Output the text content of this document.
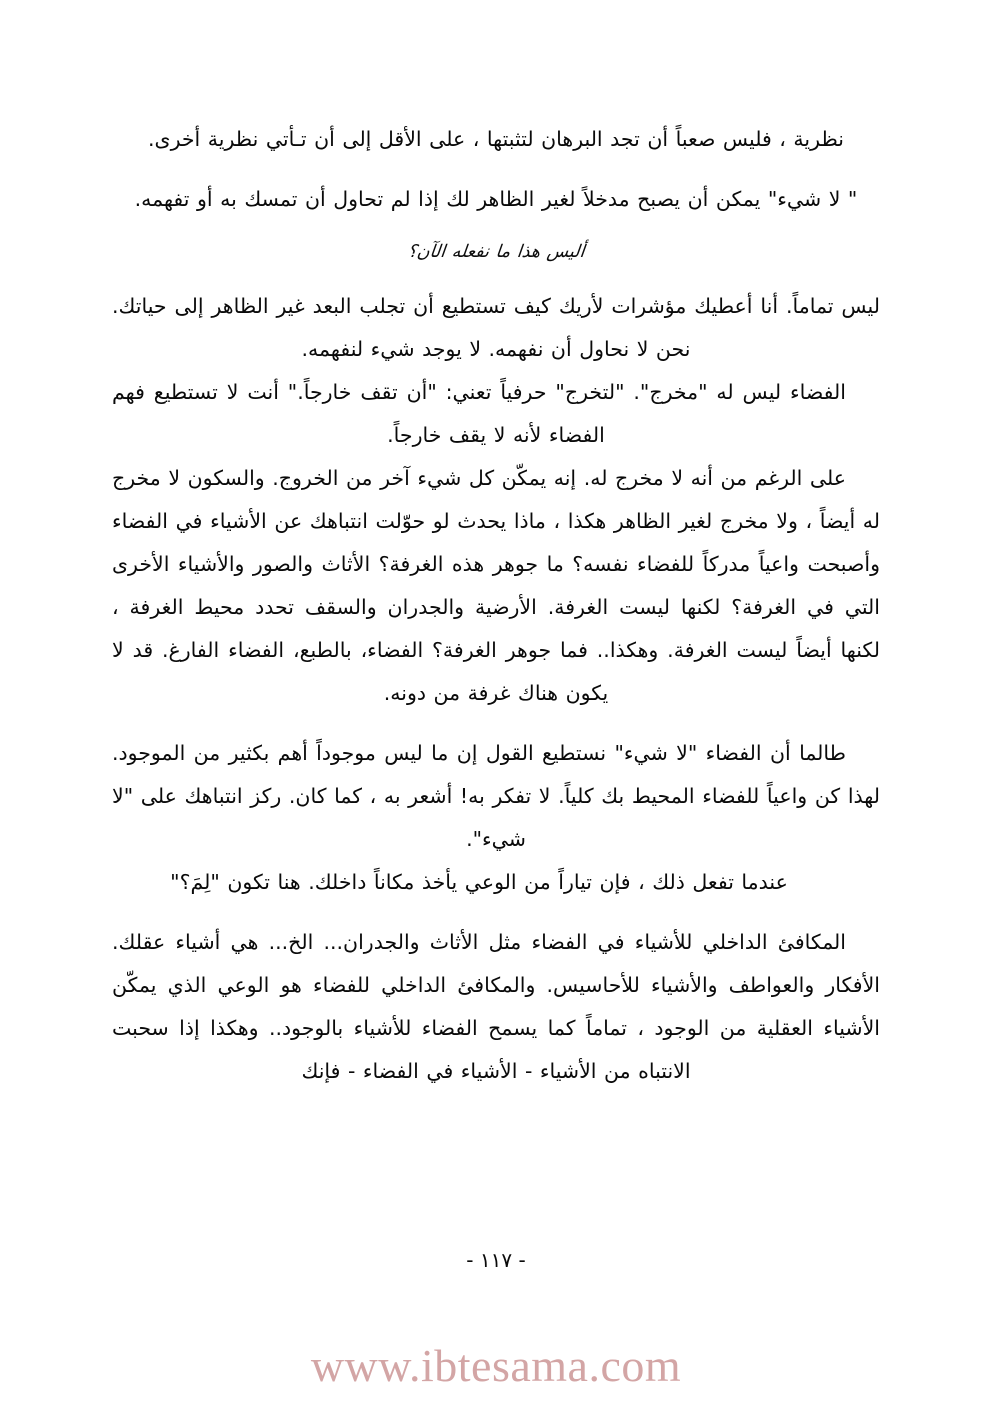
نظرية ، فليس صعباً أن تجد البرهان لتثبتها ، على الأقل إلى أن تـأتي نظرية أخرى.

" لا شيء" يمكن أن يصبح مدخلاً لغير الظاهر لك إذا لم تحاول أن تمسك به أو تفهمه.

أليس هذا ما نفعله الآن؟

ليس تماماً. أنا أعطيك مؤشرات لأريك كيف تستطيع أن تجلب البعد غير الظاهر إلى حياتك. نحن لا نحاول أن نفهمه. لا يوجد شيء لنفهمه.

الفضاء ليس له "مخرج". "لتخرج" حرفياً تعني: "أن تقف خارجاً." أنت لا تستطيع فهم الفضاء لأنه لا يقف خارجاً.

على الرغم من أنه لا مخرج له. إنه يمكّن كل شيء آخر من الخروج. والسكون لا مخرج له أيضاً ، ولا مخرج لغير الظاهر هكذا ، ماذا يحدث لو حوّلت انتباهك عن الأشياء في الفضاء وأصبحت واعياً مدركاً للفضاء نفسه؟ ما جوهر هذه الغرفة؟ الأثاث والصور والأشياء الأخرى التي في الغرفة؟ لكنها ليست الغرفة. الأرضية والجدران والسقف تحدد محيط الغرفة ، لكنها أيضاً ليست الغرفة. وهكذا.. فما جوهر الغرفة؟ الفضاء، بالطبع، الفضاء الفارغ. قد لا يكون هناك غرفة من دونه.

طالما أن الفضاء "لا شيء" نستطيع القول إن ما ليس موجوداً أهم بكثير من الموجود. لهذا كن واعياً للفضاء المحيط بك كلياً. لا تفكر به! أشعر به ، كما كان. ركز انتباهك على "لا شيء".

عندما تفعل ذلك ، فإن تياراً من الوعي يأخذ مكاناً داخلك. هنا تكون "لِمَ؟"

المكافئ الداخلي للأشياء في الفضاء مثل الأثاث والجدران... الخ... هي أشياء عقلك. الأفكار والعواطف والأشياء للأحاسيس. والمكافئ الداخلي للفضاء هو الوعي الذي يمكّن الأشياء العقلية من الوجود ، تماماً كما يسمح الفضاء للأشياء بالوجود.. وهكذا إذا سحبت الانتباه من الأشياء - الأشياء في الفضاء - فإنك

- ١١٧ -
www.ibtesama.com
